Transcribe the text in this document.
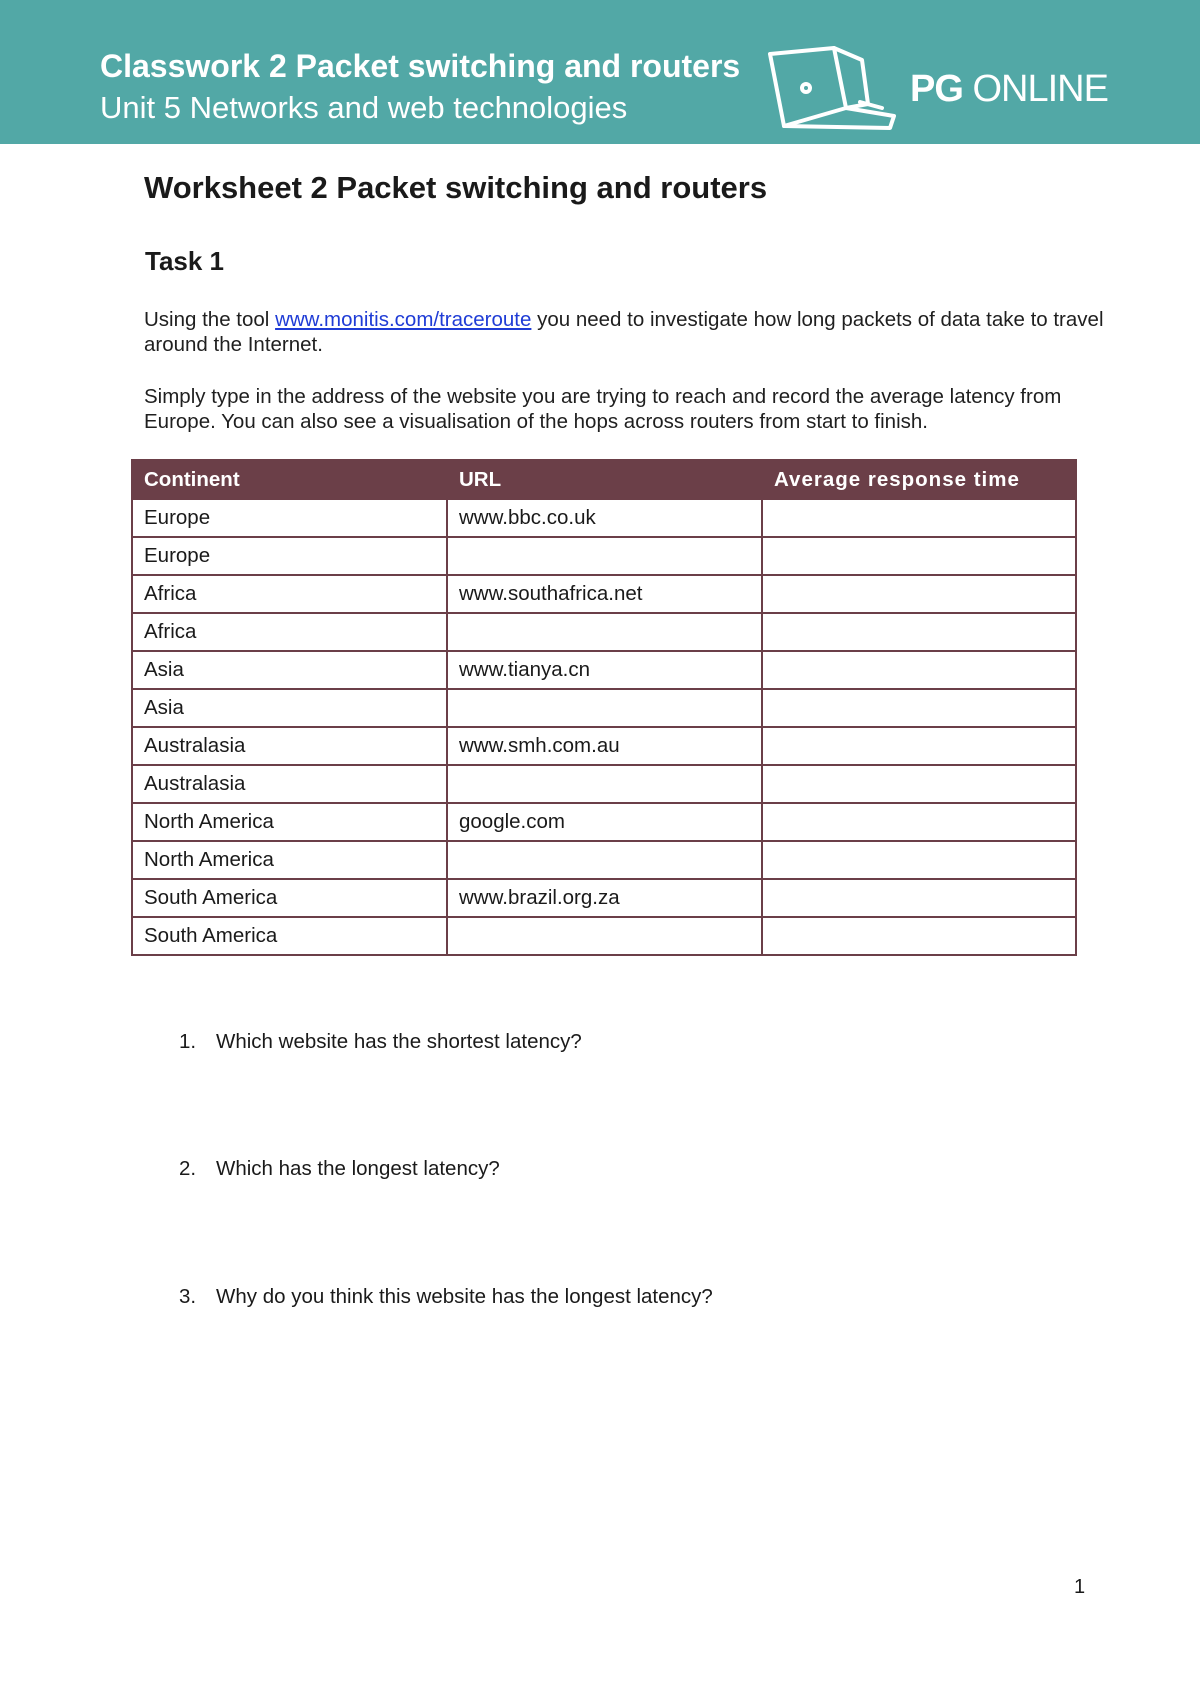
Classwork 2 Packet switching and routers

Unit 5 Networks and web technologies	PG ONLINE
Worksheet 2 Packet switching and routers
Task 1

Using the tool www.monitis.com/traceroute you need to investigate how long packets of data take to travel around the Internet.

Simply type in the address of the website you are trying to reach and record the average latency from Europe. You can also see a visualisation of the hops across routers from start to finish.

Continent	URL	Average response time
Europe	www.bbc.co.uk	
Europe		
Africa	www.southafrica.net	
Africa		
Asia	www.tianya.cn	
Asia		
Australasia	www.smh.com.au	
Australasia		
North America	google.com	
North America		
South America	www.brazil.org.za	
South America		
1. Which website has the shortest latency?
2. Which has the longest latency?
3. Why do you think this website has the longest latency?
1
